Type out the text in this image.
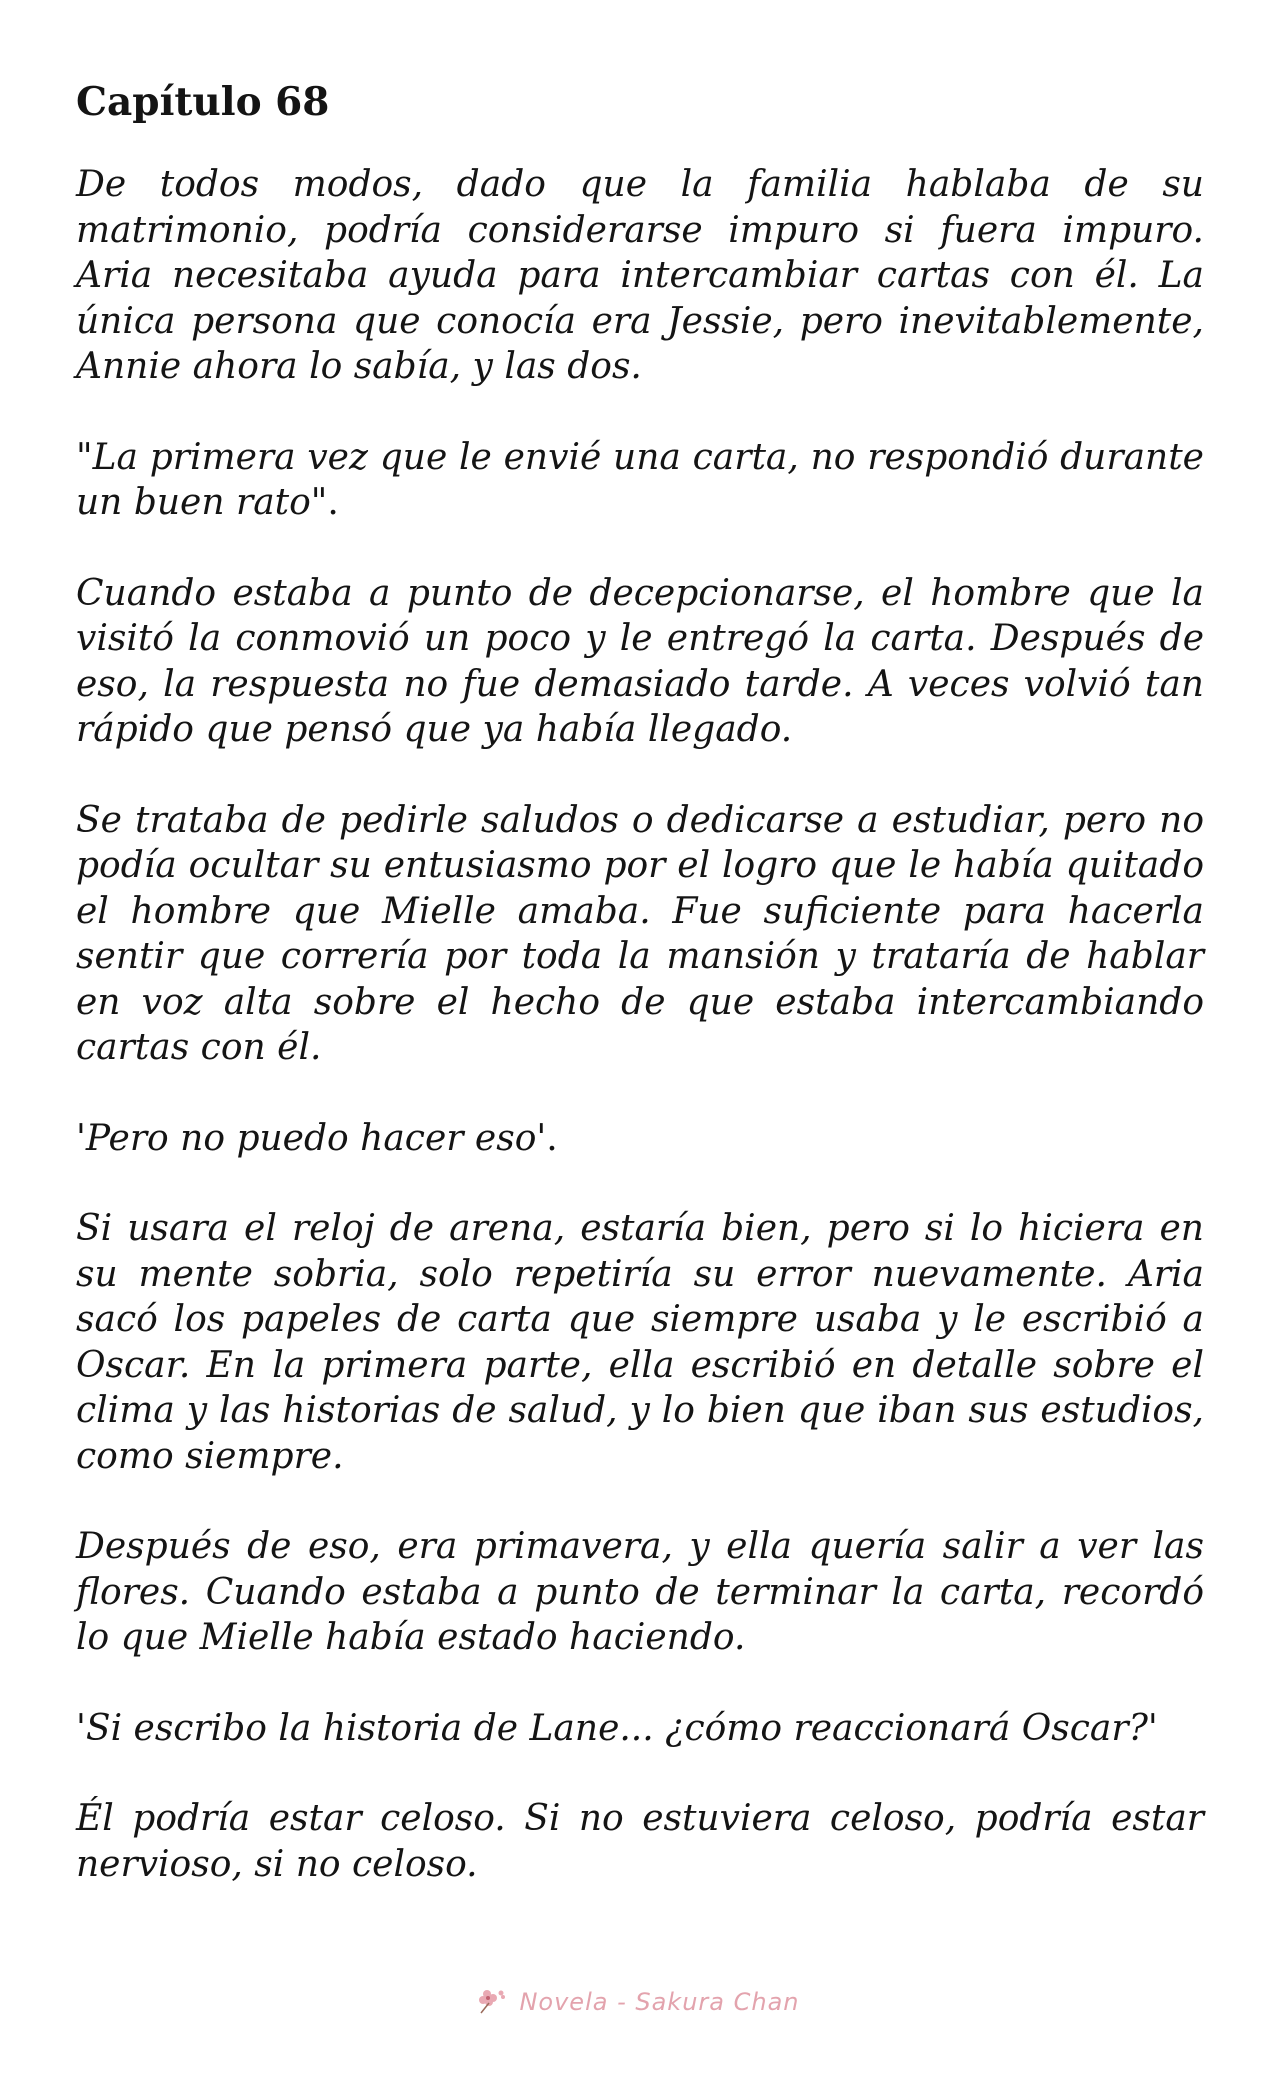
Capítulo 68

De todos modos, dado que la familia hablaba de su matrimonio, podría considerarse impuro si fuera impuro. Aria necesitaba ayuda para intercambiar cartas con él. La única persona que conocía era Jessie, pero inevitablemente, Annie ahora lo sabía, y las dos.

"La primera vez que le envié una carta, no respondió durante un buen rato".

Cuando estaba a punto de decepcionarse, el hombre que la visitó la conmovió un poco y le entregó la carta. Después de eso, la respuesta no fue demasiado tarde. A veces volvió tan rápido que pensó que ya había llegado.

Se trataba de pedirle saludos o dedicarse a estudiar, pero no podía ocultar su entusiasmo por el logro que le había quitado el hombre que Mielle amaba. Fue suficiente para hacerla sentir que correría por toda la mansión y trataría de hablar en voz alta sobre el hecho de que estaba intercambiando cartas con él.

'Pero no puedo hacer eso'.

Si usara el reloj de arena, estaría bien, pero si lo hiciera en su mente sobria, solo repetiría su error nuevamente. Aria sacó los papeles de carta que siempre usaba y le escribió a Oscar. En la primera parte, ella escribió en detalle sobre el clima y las historias de salud, y lo bien que iban sus estudios, como siempre.

Después de eso, era primavera, y ella quería salir a ver las flores. Cuando estaba a punto de terminar la carta, recordó lo que Mielle había estado haciendo.

'Si escribo la historia de Lane... ¿cómo reaccionará Oscar?'

Él podría estar celoso. Si no estuviera celoso, podría estar nervioso, si no celoso.

Novela - Sakura Chan
